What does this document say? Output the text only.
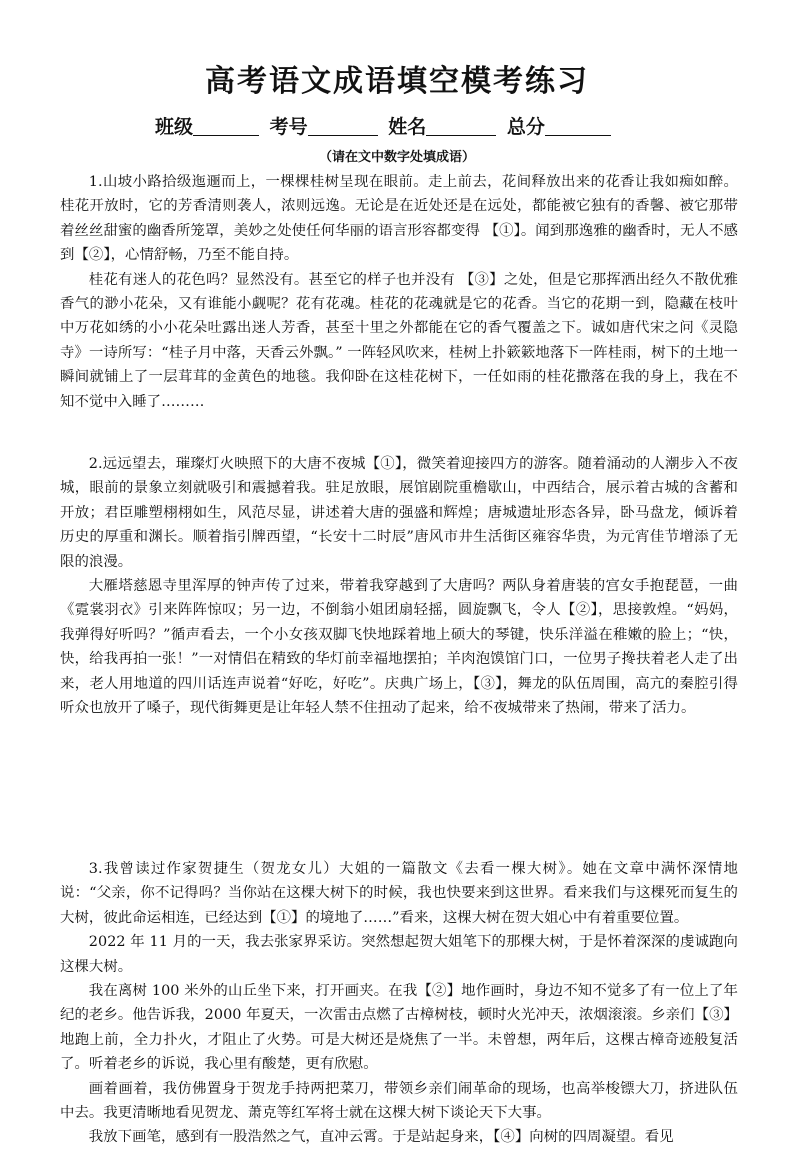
高考语文成语填空模考练习
班级	考号	姓名	总分
（请在文中数字处填成语）

1.山坡小路拾级迤逦而上，一棵棵桂树呈现在眼前。走上前去，花间释放出来的花香让我如痴如醉。桂花开放时，它的芳香清则袭人，浓则远逸。无论是在近处还是在远处，都能被它独有的香馨、被它那带着丝丝甜蜜的幽香所笼罩，美妙之处使任何华丽的语言形容都变得 【①】。闻到那逸雅的幽香时，无人不感到【②】，心情舒畅，乃至不能自持。

桂花有迷人的花色吗？显然没有。甚至它的样子也并没有 【③】之处，但是它那挥洒出经久不散优雅香气的渺小花朵，又有谁能小觑呢？花有花魂。桂花的花魂就是它的花香。当它的花期一到，隐藏在枝叶中万花如绣的小小花朵吐露出迷人芳香，甚至十里之外都能在它的香气覆盖之下。诚如唐代宋之问《灵隐寺》一诗所写：“桂子月中落，天香云外飘。” 一阵轻风吹来，桂树上扑簌簌地落下一阵桂雨，树下的土地一瞬间就铺上了一层茸茸的金黄色的地毯。我仰卧在这桂花树下，一任如雨的桂花撒落在我的身上，我在不知不觉中入睡了………

2.远远望去，璀璨灯火映照下的大唐不夜城【①】，微笑着迎接四方的游客。随着涌动的人潮步入不夜城，眼前的景象立刻就吸引和震撼着我。驻足放眼，展馆剧院重檐歇山，中西结合，展示着古城的含蓄和开放；君臣雕塑栩栩如生，风范尽显，讲述着大唐的强盛和辉煌；唐城遗址形态各异，卧马盘龙，倾诉着历史的厚重和渊长。顺着指引牌西望，“长安十二时辰”唐风市井生活街区雍容华贵，为元宵佳节增添了无限的浪漫。

大雁塔慈恩寺里浑厚的钟声传了过来，带着我穿越到了大唐吗？两队身着唐装的宫女手抱琵琶，一曲《霓裳羽衣》引来阵阵惊叹；另一边，不倒翁小姐团扇轻摇，圆旋飘飞，令人【②】，思接敦煌。“妈妈，我弹得好听吗？”循声看去，一个小女孩双脚飞快地踩着地上硕大的琴键，快乐洋溢在稚嫩的脸上；“快，快，给我再拍一张！”一对情侣在精致的华灯前幸福地摆拍；羊肉泡馍馆门口，一位男子搀扶着老人走了出来，老人用地道的四川话连声说着“好吃，好吃”。庆典广场上，【③】，舞龙的队伍周围，高亢的秦腔引得听众也放开了嗓子，现代街舞更是让年轻人禁不住扭动了起来，给不夜城带来了热闹，带来了活力。

3.我曾读过作家贺捷生（贺龙女儿）大姐的一篇散文《去看一棵大树》。她在文章中满怀深情地说：“父亲，你不记得吗？当你站在这棵大树下的时候，我也快要来到这世界。看来我们与这棵死而复生的大树，彼此命运相连，已经达到【①】的境地了……”看来，这棵大树在贺大姐心中有着重要位置。

2022 年 11 月的一天，我去张家界采访。突然想起贺大姐笔下的那棵大树，于是怀着深深的虔诚跑向这棵大树。

我在离树 100 米外的山丘坐下来，打开画夹。在我【②】地作画时，身边不知不觉多了有一位上了年纪的老乡。他告诉我，2000 年夏天，一次雷击点燃了古樟树枝，顿时火光冲天，浓烟滚滚。乡亲们【③】地跑上前，全力扑火，才阻止了火势。可是大树还是烧焦了一半。未曾想，两年后，这棵古樟奇迹般复活了。听着老乡的诉说，我心里有酸楚，更有欣慰。

画着画着，我仿佛置身于贺龙手持两把菜刀，带领乡亲们闹革命的现场，也高举梭镖大刀，挤进队伍中去。我更清晰地看见贺龙、萧克等红军将士就在这棵大树下谈论天下大事。

我放下画笔，感到有一股浩然之气，直冲云霄。于是站起身来，【④】向树的四周凝望。看见
